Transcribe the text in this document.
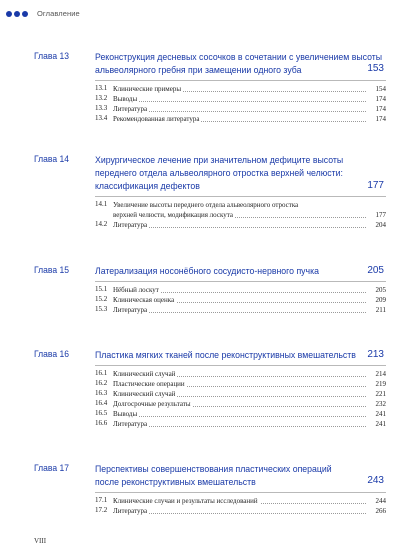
Оглавление
Глава 13	Реконструкция десневых сосочков в сочетании с увеличением высоты
альвеолярного гребня при замещении одного зуба	153
13.1 Клинические примеры	154
13.2 Выводы	174
13.3 Литература	174
13.4 Рекомендованная литература	174
Глава 14	Хирургическое лечение при значительном дефиците высоты
переднего отдела альвеолярного отростка верхней челюсти:
классификация дефектов	177
14.1 Увеличение высоты переднего отдела альвеолярного отростка
верхней челюсти, модификация лоскута	177
14.2 Литература	204
Глава 15	Латерализация носонёбного сосудисто-нервного пучка	205
15.1 Нёбный лоскут	205
15.2 Клиническая оценка	209
15.3 Литература	211
Глава 16	Пластика мягких тканей после реконструктивных вмешательств 213
16.1 Клинический случай	214
16.2 Пластические операции	219
16.3 Клинический случай	221
16.4 Долгосрочные результаты	232
16.5 Выводы	241
16.6 Литература	241
Глава 17	Перспективы совершенствования пластических операций
после реконструктивных вмешательств	243
17.1 Клинические случаи и результаты исследований	244
17.2 Литература	266
VIII
